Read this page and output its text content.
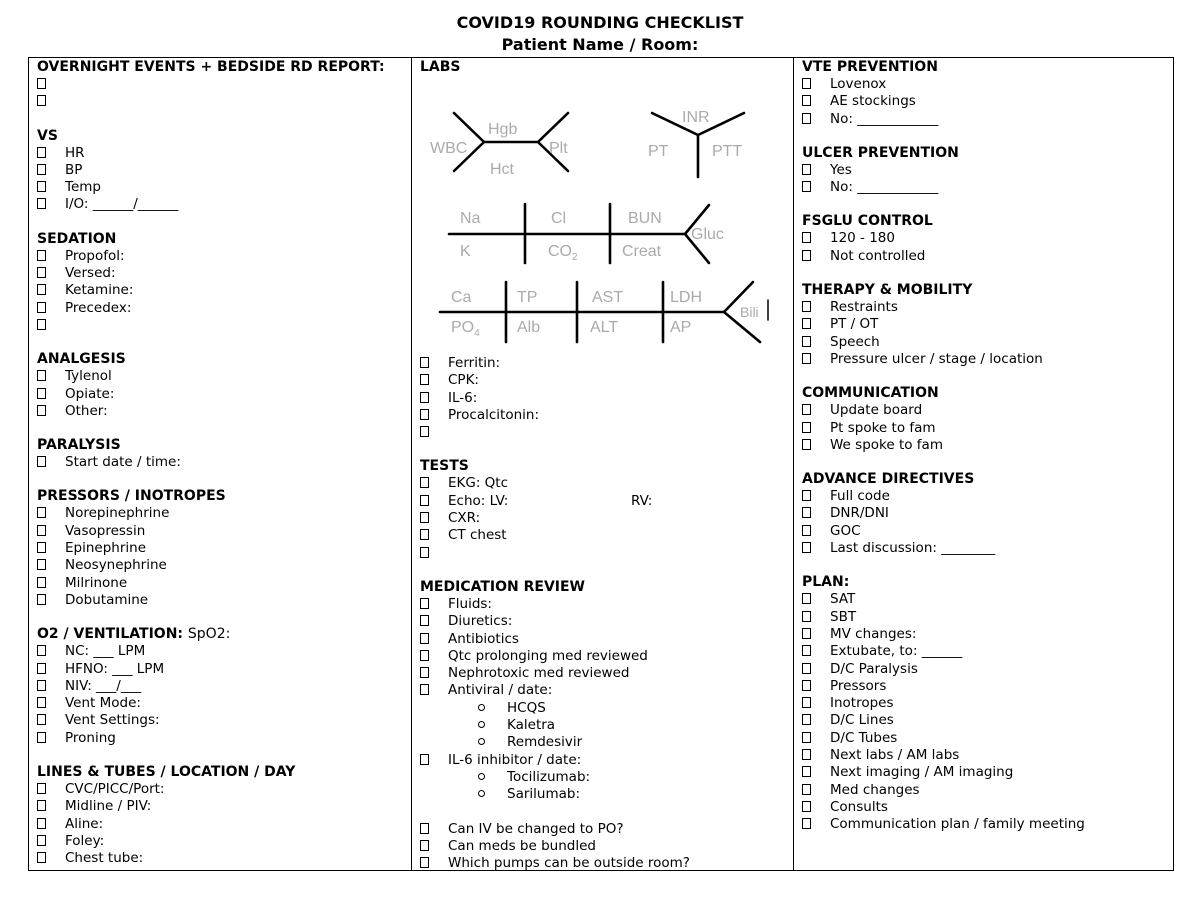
COVID19 ROUNDING CHECKLIST
Patient Name / Room:
OVERNIGHT EVENTS + BEDSIDE RD REPORT:
VS
HR
BP
Temp
I/O: ______/______
SEDATION
Propofol:
Versed:
Ketamine:
Precedex:
ANALGESIS
Tylenol
Opiate:
Other:
PARALYSIS
Start date / time:
PRESSORS / INOTROPES
Norepinephrine
Vasopressin
Epinephrine
Neosynephrine
Milrinone
Dobutamine
O2 / VENTILATION: SpO2:
NC: ___ LPM
HFNO: ___ LPM
NIV: ___/___
Vent Mode:
Vent Settings:
Proning
LINES & TUBES / LOCATION / DAY
CVC/PICC/Port:
Midline / PIV:
Aline:
Foley:
Chest tube:
LABS
WBC
Hgb
Hct
Plt
INR
PT	PTT
Na
K
Cl
$CO_2$
BUN
Creat
Gluc
Ca
$PO_4$
TP
Alb
AST
ALT
LDH
AP
Bili
Ferritin:
CPK:
IL-6:
Procalcitonin:
TESTS
EKG: Qtc
Echo: LV:	RV:
CXR:
CT chest
MEDICATION REVIEW
Fluids:
Diuretics:
Antibiotics
Qtc prolonging med reviewed
Nephrotoxic med reviewed
Antiviral / date:
HCQS
Kaletra
Remdesivir
IL-6 inhibitor / date:
Tocilizumab:
Sarilumab:
Can IV be changed to PO?
Can meds be bundled
Which pumps can be outside room?
VTE PREVENTION
Lovenox
AE stockings
No: ____________
ULCER PREVENTION
Yes
No: ____________
FSGLU CONTROL
120 - 180
Not controlled
THERAPY & MOBILITY
Restraints
PT / OT
Speech
Pressure ulcer / stage / location
COMMUNICATION
Update board
Pt spoke to fam
We spoke to fam
ADVANCE DIRECTIVES
Full code
DNR/DNI
GOC
Last discussion: ________
PLAN:
SAT
SBT
MV changes:
Extubate, to: ______
D/C Paralysis
Pressors
Inotropes
D/C Lines
D/C Tubes
Next labs / AM labs
Next imaging / AM imaging
Med changes
Consults
Communication plan / family meeting
